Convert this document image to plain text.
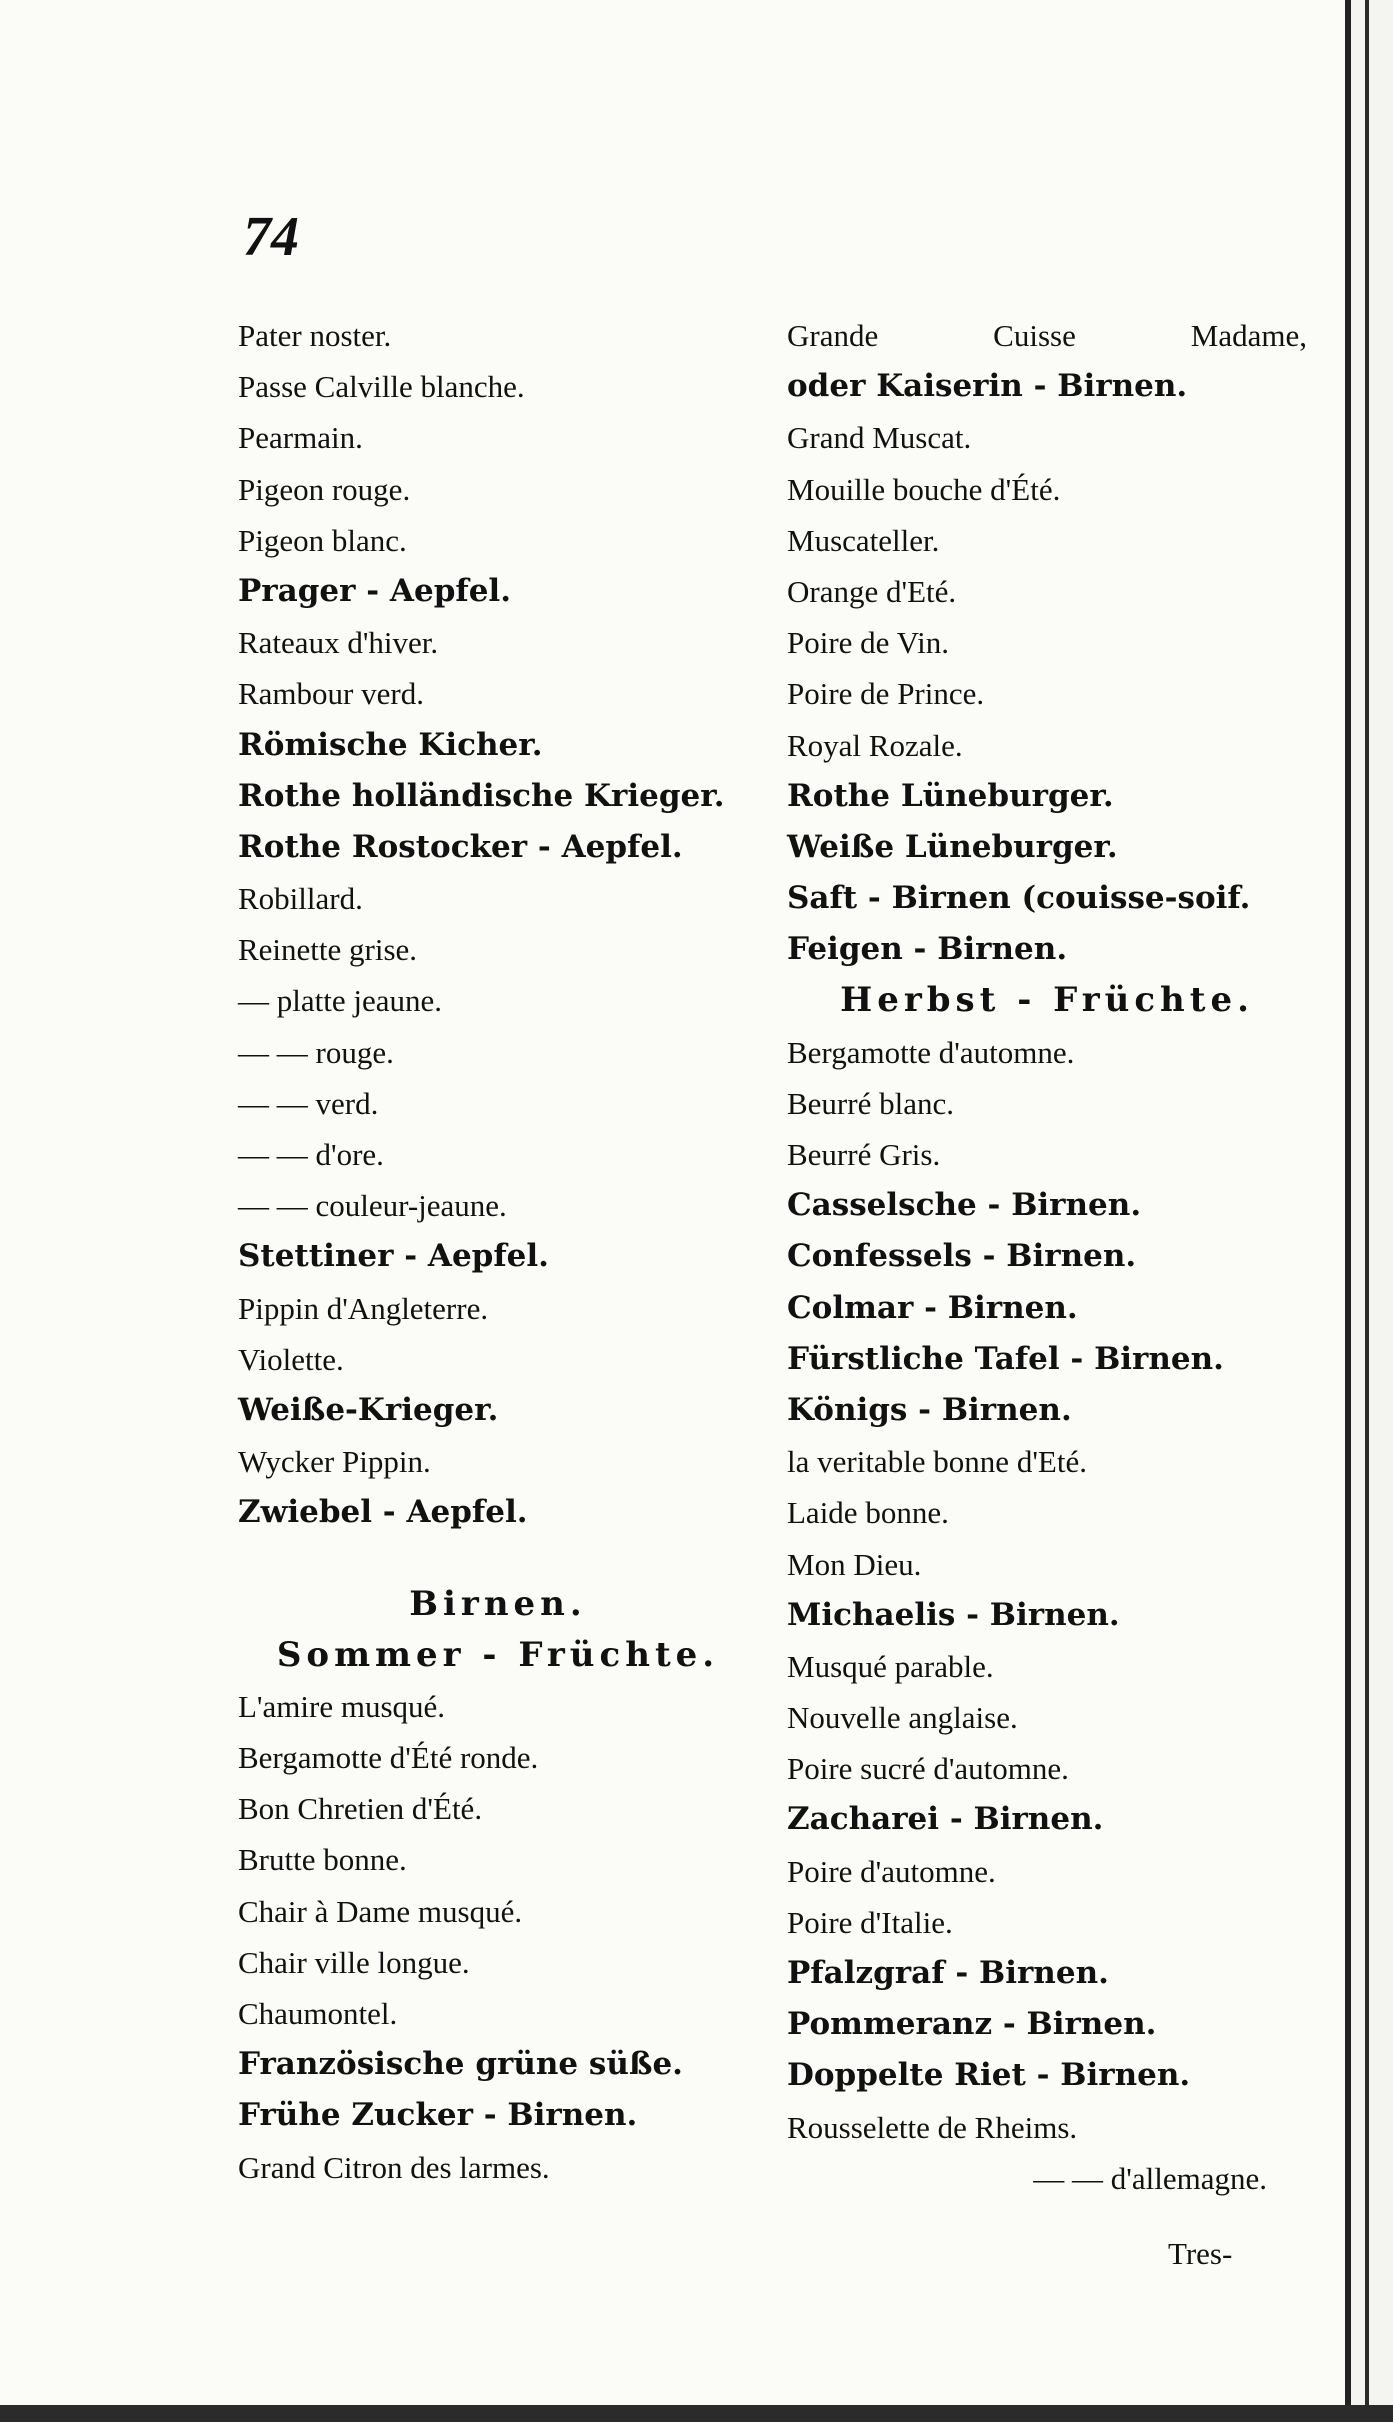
74
Pater noster.
Passe Calville blanche.
Pearmain.
Pigeon rouge.
Pigeon blanc.
Prager - Aepfel.
Rateaux d'hiver.
Rambour verd.
Römische Kicher.
Rothe holländische Krieger.
Rothe Rostocker - Aepfel.
Robillard.
Reinette grise.
— platte jeaune.
— — rouge.
— — verd.
— — d'ore.
— — couleur-jeaune.
Stettiner - Aepfel.
Pippin d'Angleterre.
Violette.
Weiße-Krieger.
Wycker Pippin.
Zwiebel - Aepfel.
Birnen.
Sommer - Früchte.
L'amire musqué.
Bergamotte d'Été ronde.
Bon Chretien d'Été.
Brutte bonne.
Chair à Dame musqué.
Chair ville longue.
Chaumontel.
Französische grüne süße.
Frühe Zucker - Birnen.
Grand Citron des larmes.
Grande Cuisse Madame,
oder Kaiserin - Birnen.
Grand Muscat.
Mouille bouche d'Été.
Muscateller.
Orange d'Eté.
Poire de Vin.
Poire de Prince.
Royal Rozale.
Rothe Lüneburger.
Weiße Lüneburger.
Saft - Birnen (couisse-soif.
Feigen - Birnen.
Herbst - Früchte.
Bergamotte d'automne.
Beurré blanc.
Beurré Gris.
Casselsche - Birnen.
Confessels - Birnen.
Colmar - Birnen.
Fürstliche Tafel - Birnen.
Königs - Birnen.
la veritable bonne d'Eté.
Laide bonne.
Mon Dieu.
Michaelis - Birnen.
Musqué parable.
Nouvelle anglaise.
Poire sucré d'automne.
Zacharei - Birnen.
Poire d'automne.
Poire d'Italie.
Pfalzgraf - Birnen.
Pommeranz - Birnen.
Doppelte Riet - Birnen.
Rousselette de Rheims.
— — d'allemagne.
Tres-
